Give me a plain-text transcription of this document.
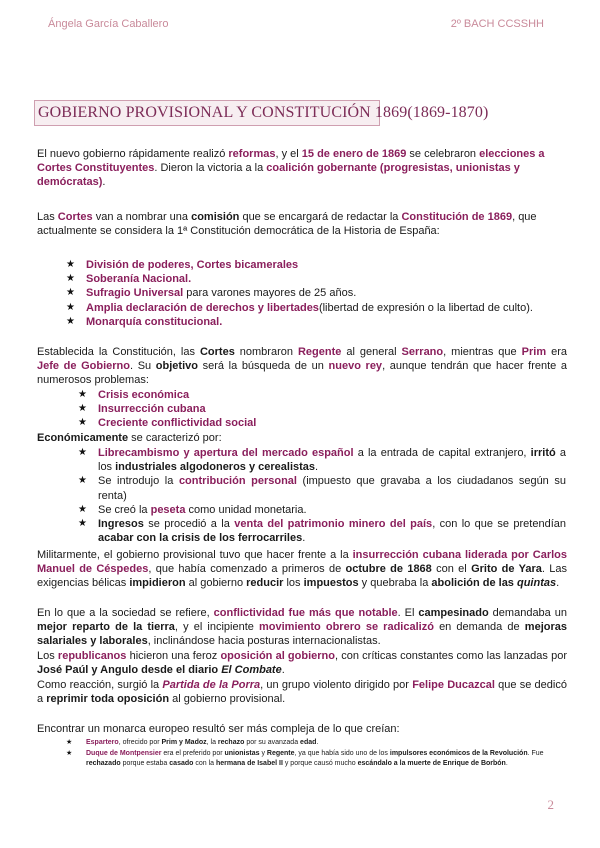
Ángela García Caballero	2º BACH CCSSHH
GOBIERNO PROVISIONAL Y CONSTITUCIÓN 1869(1869-1870)

El nuevo gobierno rápidamente realizó reformas, y el 15 de enero de 1869 se celebraron elecciones a Cortes Constituyentes. Dieron la victoria a la coalición gobernante (progresistas, unionistas y demócratas).

Las Cortes van a nombrar una comisión que se encargará de redactar la Constitución de 1869, que actualmente se considera la 1ª Constitución democrática de la Historia de España:

★ División de poderes, Cortes bicamerales
★ Soberanía Nacional.
★ Sufragio Universal para varones mayores de 25 años.
★ Amplia declaración de derechos y libertades(libertad de expresión o la libertad de culto).
★ Monarquía constitucional.

Establecida la Constitución, las Cortes nombraron Regente al general Serrano, mientras que Prim era Jefe de Gobierno. Su objetivo será la búsqueda de un nuevo rey, aunque tendrán que hacer frente a numerosos problemas:

★ Crisis económica
★ Insurrección cubana
★ Creciente conflictividad social

Económicamente se caracterizó por:

★ Librecambismo y apertura del mercado español a la entrada de capital extranjero, irritó a los industriales algodoneros y cerealistas.
★ Se introdujo la contribución personal (impuesto que gravaba a los ciudadanos según su renta)
★ Se creó la peseta como unidad monetaria.
★ Ingresos se procedió a la venta del patrimonio minero del país, con lo que se pretendían acabar con la crisis de los ferrocarriles.

Militarmente, el gobierno provisional tuvo que hacer frente a la insurrección cubana liderada por Carlos Manuel de Céspedes, que había comenzado a primeros de octubre de 1868 con el Grito de Yara. Las exigencias bélicas impidieron al gobierno reducir los impuestos y quebraba la abolición de las quintas.

En lo que a la sociedad se refiere, conflictividad fue más que notable. El campesinado demandaba un mejor reparto de la tierra, y el incipiente movimiento obrero se radicalizó en demanda de mejoras salariales y laborales, inclinándose hacia posturas internacionalistas.

Los republicanos hicieron una feroz oposición al gobierno, con críticas constantes como las lanzadas por José Paúl y Angulo desde el diario El Combate.

Como reacción, surgió la Partida de la Porra, un grupo violento dirigido por Felipe Ducazcal que se dedicó a reprimir toda oposición al gobierno provisional.

Encontrar un monarca europeo resultó ser más compleja de lo que creían:

★ Espartero, ofrecido por Prim y Madoz, la rechazo por su avanzada edad.
★ Duque de Montpensier era el preferido por unionistas y Regente, ya que había sido uno de los impulsores económicos de la Revolución. Fue rechazado porque estaba casado con la hermana de Isabel II y porque causó mucho escándalo a la muerte de Enrique de Borbón.
2
